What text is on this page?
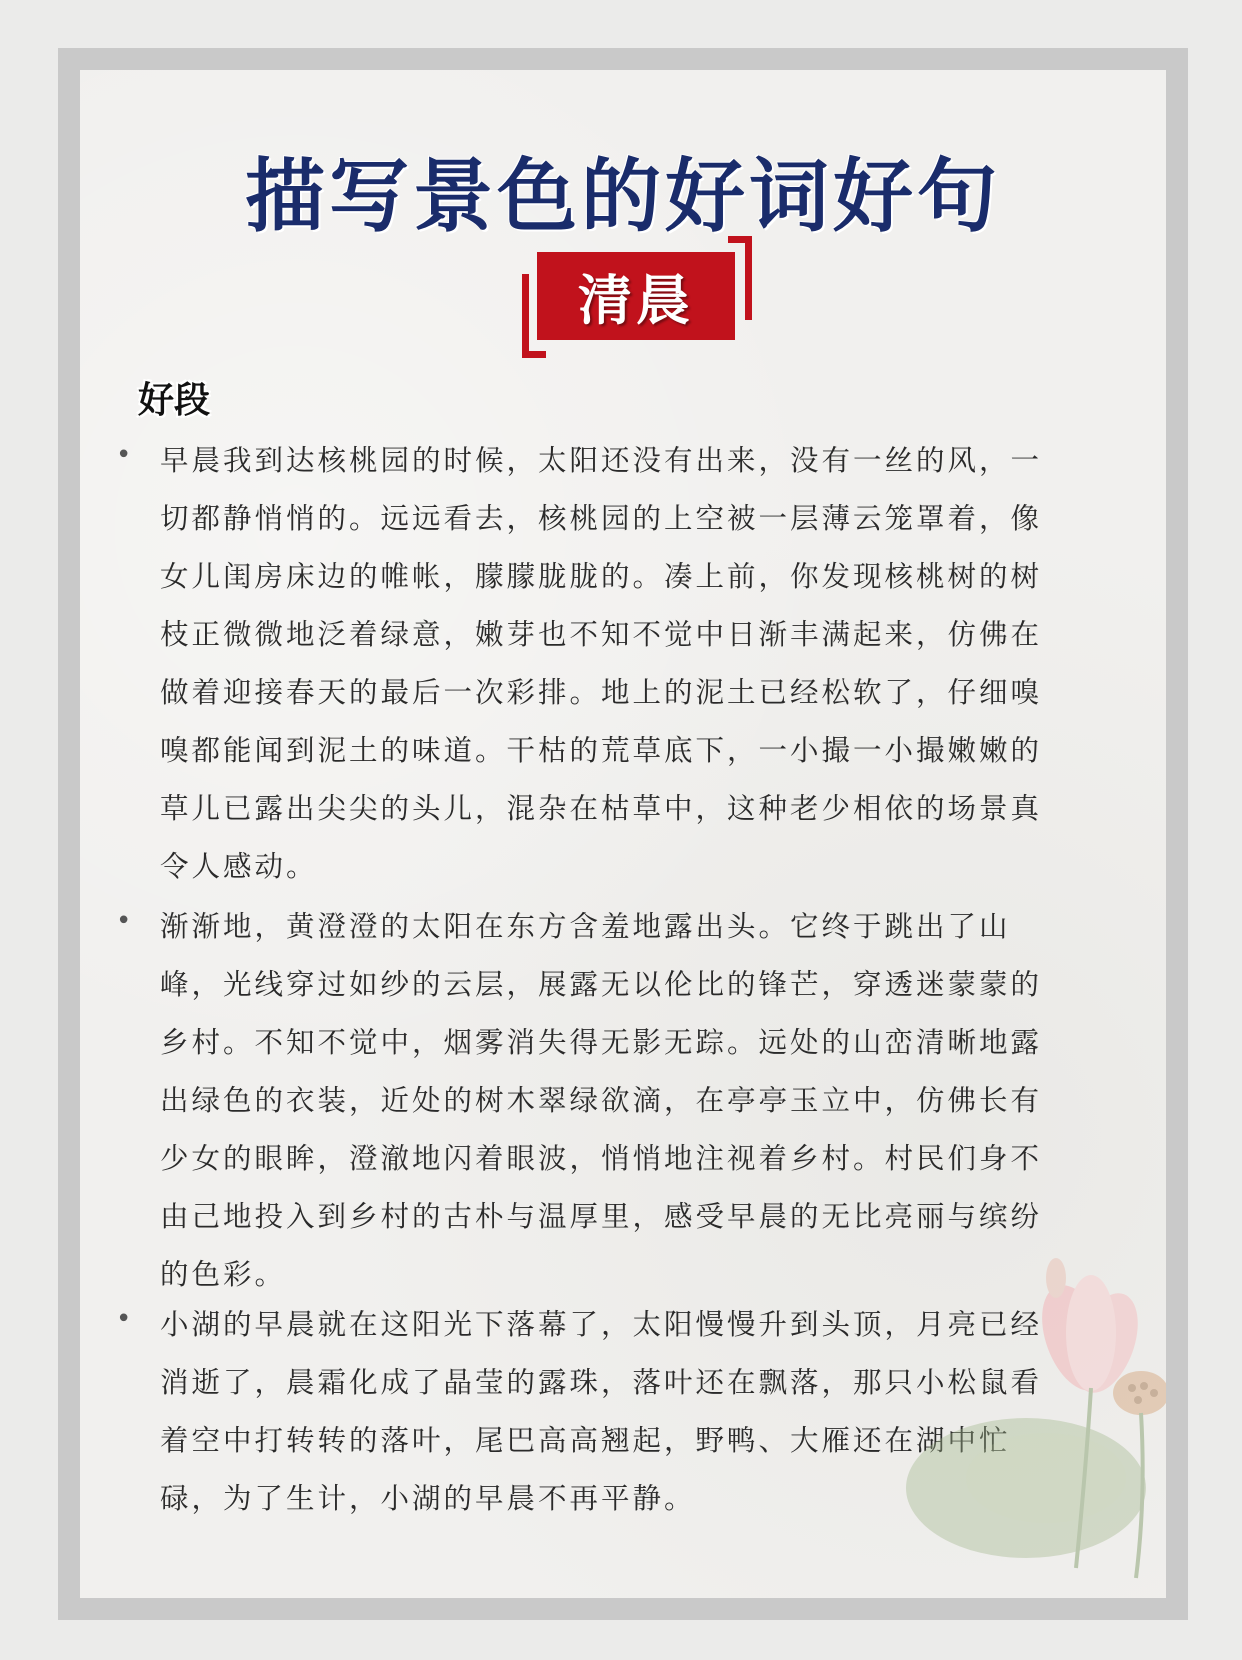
描写景色的好词好句
清晨
好段
• 早晨我到达核桃园的时候，太阳还没有出来，没有一丝的风，一切都静悄悄的。远远看去，核桃园的上空被一层薄云笼罩着，像女儿闺房床边的帷帐，朦朦胧胧的。凑上前，你发现核桃树的树枝正微微地泛着绿意，嫩芽也不知不觉中日渐丰满起来，仿佛在做着迎接春天的最后一次彩排。地上的泥土已经松软了，仔细嗅嗅都能闻到泥土的味道。干枯的荒草底下，一小撮一小撮嫩嫩的草儿已露出尖尖的头儿，混杂在枯草中，这种老少相依的场景真令人感动。

• 渐渐地，黄澄澄的太阳在东方含羞地露出头。它终于跳出了山峰，光线穿过如纱的云层，展露无以伦比的锋芒，穿透迷蒙蒙的乡村。不知不觉中，烟雾消失得无影无踪。远处的山峦清晰地露出绿色的衣装，近处的树木翠绿欲滴，在亭亭玉立中，仿佛长有少女的眼眸，澄澈地闪着眼波，悄悄地注视着乡村。村民们身不由己地投入到乡村的古朴与温厚里，感受早晨的无比亮丽与缤纷的色彩。

• 小湖的早晨就在这阳光下落幕了，太阳慢慢升到头顶，月亮已经消逝了，晨霜化成了晶莹的露珠，落叶还在飘落，那只小松鼠看着空中打转转的落叶，尾巴高高翘起，野鸭、大雁还在湖中忙碌，为了生计，小湖的早晨不再平静。
